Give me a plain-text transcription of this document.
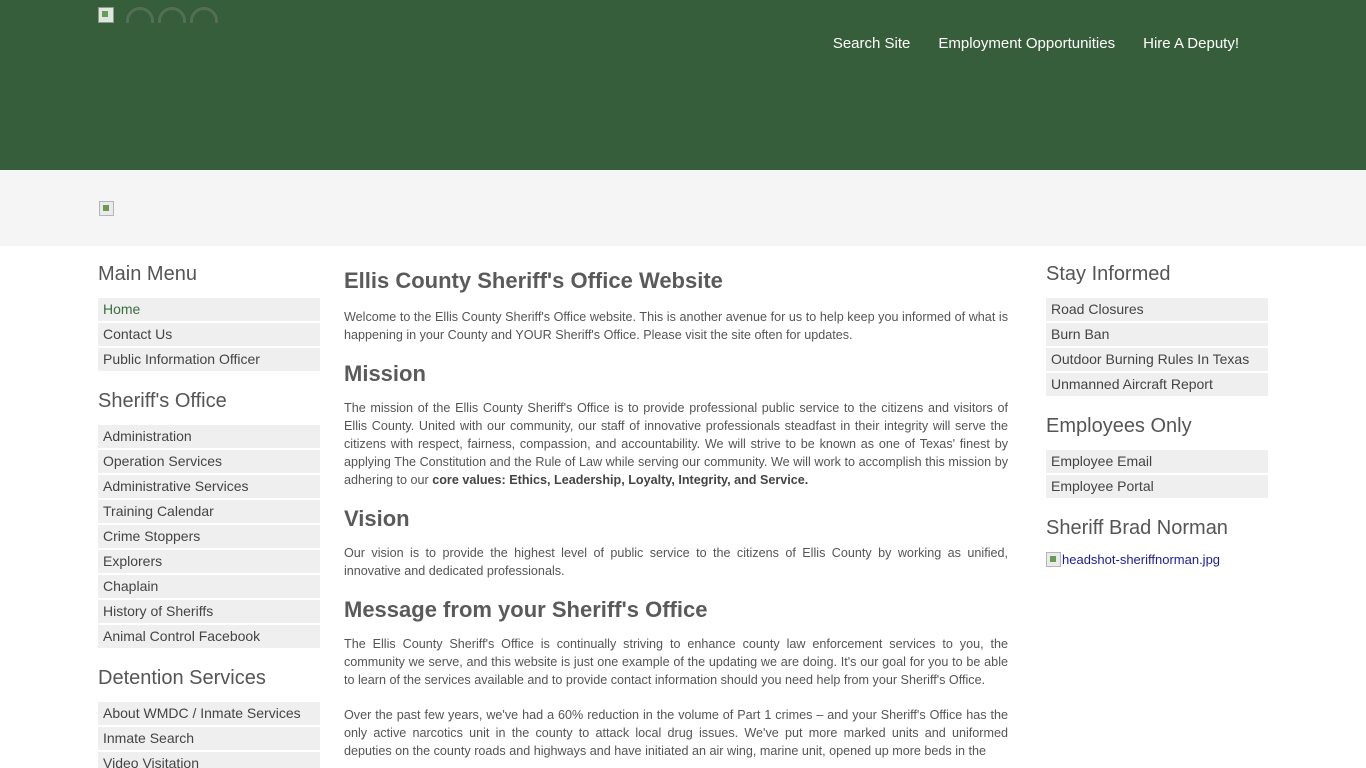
Search Site Employment Opportunities Hire A Deputy!
Main Menu
Home
Contact Us
Public Information Officer
Sheriff's Office
Administration
Operation Services
Administrative Services
Training Calendar
Crime Stoppers
Explorers
Chaplain
History of Sheriffs
Animal Control Facebook
Detention Services
About WMDC / Inmate Services
Inmate Search
Video Visitation
Ellis County Sheriff's Office Website

Welcome to the Ellis County Sheriff's Office website. This is another avenue for us to help keep you informed of what is happening in your County and YOUR Sheriff's Office. Please visit the site often for updates.

Mission

The mission of the Ellis County Sheriff's Office is to provide professional public service to the citizens and visitors of Ellis County. United with our community, our staff of innovative professionals steadfast in their integrity will serve the citizens with respect, fairness, compassion, and accountability. We will strive to be known as one of Texas' finest by applying The Constitution and the Rule of Law while serving our community. We will work to accomplish this mission by adhering to our core values: Ethics, Leadership, Loyalty, Integrity, and Service.

Vision

Our vision is to provide the highest level of public service to the citizens of Ellis County by working as unified, innovative and dedicated professionals.

Message from your Sheriff's Office

The Ellis County Sheriff's Office is continually striving to enhance county law enforcement services to you, the community we serve, and this website is just one example of the updating we are doing. It's our goal for you to be able to learn of the services available and to provide contact information should you need help from your Sheriff's Office.

Over the past few years, we've had a 60% reduction in the volume of Part 1 crimes – and your Sheriff's Office has the only active narcotics unit in the county to attack local drug issues. We've put more marked units and uniformed deputies on the county roads and highways and have initiated an air wing, marine unit, opened up more beds in the

Stay Informed
Road Closures
Burn Ban
Outdoor Burning Rules In Texas
Unmanned Aircraft Report
Employees Only
Employee Email
Employee Portal
Sheriff Brad Norman
headshot-sheriffnorman.jpg
